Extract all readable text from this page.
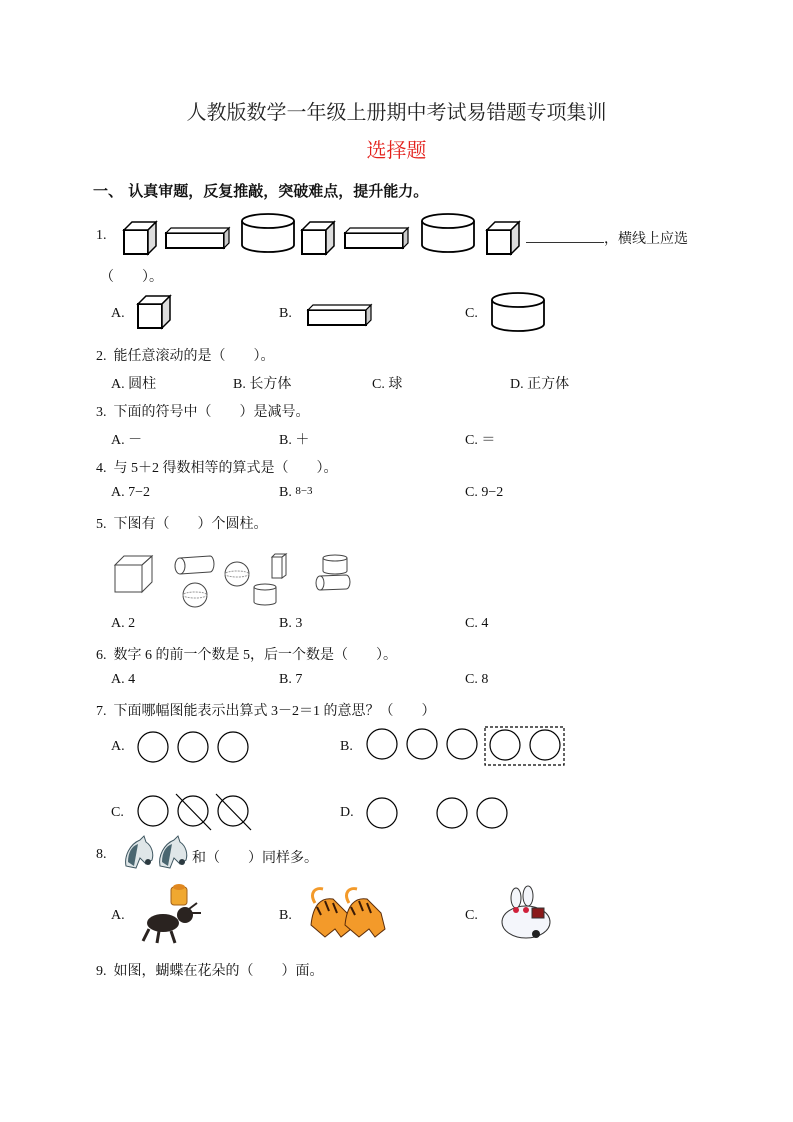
人教版数学一年级上册期中考试易错题专项集训
选择题
一、 认真审题，反复推敲，突破难点，提升能力。
1.	，横线上应选
（　　）。
A.	B.	C.
2. 能任意滚动的是（　　）。
A. 圆柱	B. 长方体	C. 球	D. 正方体
3. 下面的符号中（　　）是减号。
A. －	B. ＋	C. ＝
4. 与 5＋2 得数相等的算式是（　　）。
A. 7−2	B. 8−3	C. 9−2
5. 下图有（　　）个圆柱。
A. 2	B. 3	C. 4
6. 数字 6 的前一个数是 5，后一个数是（　　）。
A. 4	B. 7	C. 8
7. 下面哪幅图能表示出算式 3－2＝1 的意思？（　　）
A.	B.
C.	D.
8.	和（　　）同样多。
A.	B.	C.
9. 如图，蝴蝶在花朵的（　　）面。
